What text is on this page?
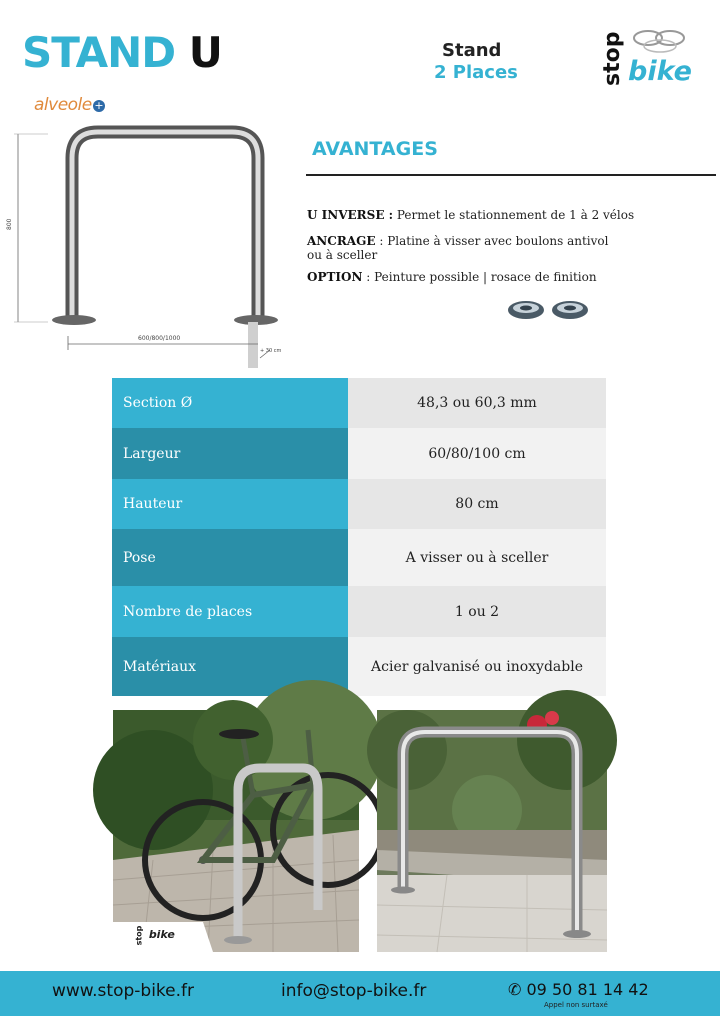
STAND U
alveole +
Stand
2 Places	stop bike
800
600/800/1000
+ 30 cm
AVANTAGES
U INVERSE : Permet le stationnement de 1 à 2 vélos
ANCRAGE : Platine à visser avec boulons antivol
ou à sceller
OPTION : Peinture possible | rosace de finition
Section Ø	48,3 ou 60,3 mm
Largeur	60/80/100 cm
Hauteur	80 cm
Pose	A visser ou à sceller
Nombre de places	1 ou 2
Matériaux	Acier galvanisé ou inoxydable
stop bike
www.stop-bike.fr	info@stop-bike.fr	✆ 09 50 81 14 42
Appel non surtaxé
